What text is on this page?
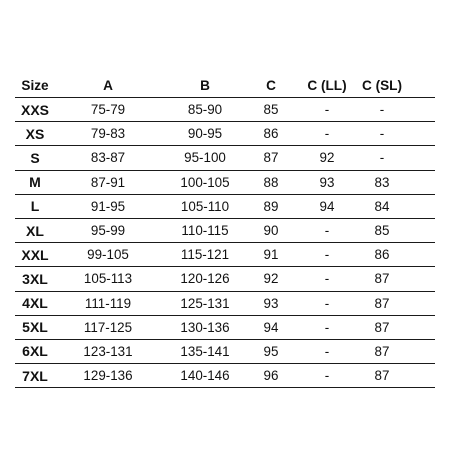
Size	A	B	C	C (LL)	C (SL)
XXS	75-79	85-90	85	-	-
XS	79-83	90-95	86	-	-
S	83-87	95-100	87	92	-
M	87-91	100-105	88	93	83
L	91-95	105-110	89	94	84
XL	95-99	110-115	90	-	85
XXL	99-105	115-121	91	-	86
3XL	105-113	120-126	92	-	87
4XL	111-119	125-131	93	-	87
5XL	117-125	130-136	94	-	87
6XL	123-131	135-141	95	-	87
7XL	129-136	140-146	96	-	87
